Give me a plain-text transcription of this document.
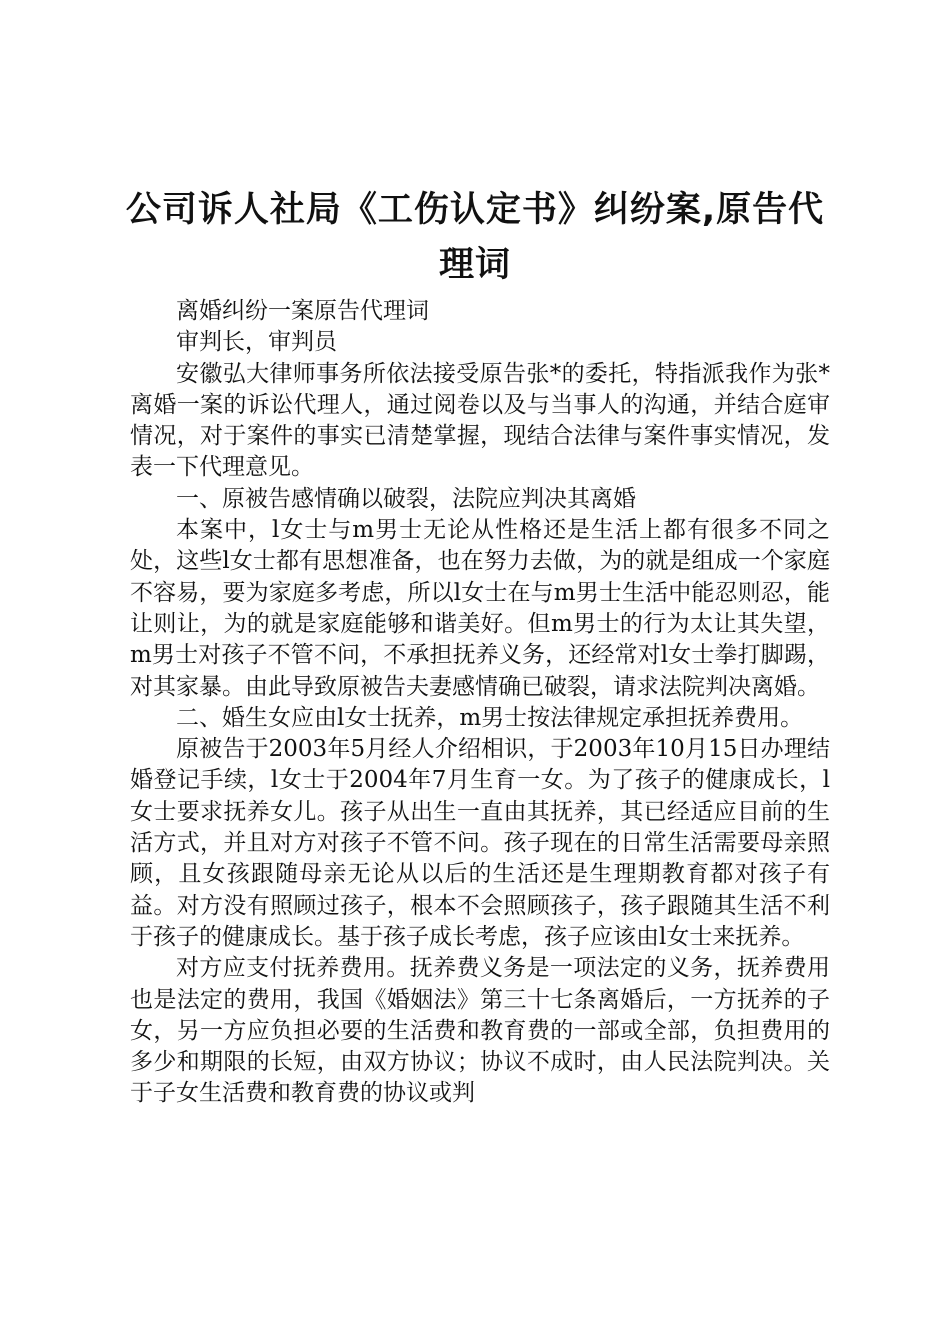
公司诉人社局《工伤认定书》纠纷案,原告代理词

离婚纠纷一案原告代理词

审判长，审判员

安徽弘大律师事务所依法接受原告张*的委托，特指派我作为张*离婚一案的诉讼代理人，通过阅卷以及与当事人的沟通，并结合庭审情况，对于案件的事实已清楚掌握，现结合法律与案件事实情况，发表一下代理意见。

一、原被告感情确以破裂，法院应判决其离婚

本案中，l女士与m男士无论从性格还是生活上都有很多不同之处，这些l女士都有思想准备，也在努力去做，为的就是组成一个家庭不容易，要为家庭多考虑，所以l女士在与m男士生活中能忍则忍，能让则让，为的就是家庭能够和谐美好。但m男士的行为太让其失望，m男士对孩子不管不问，不承担抚养义务，还经常对l女士拳打脚踢，对其家暴。由此导致原被告夫妻感情确已破裂，请求法院判决离婚。

二、婚生女应由l女士抚养，m男士按法律规定承担抚养费用。

原被告于2003年5月经人介绍相识，于2003年10月15日办理结婚登记手续，l女士于2004年7月生育一女。为了孩子的健康成长，l女士要求抚养女儿。孩子从出生一直由其抚养，其已经适应目前的生活方式，并且对方对孩子不管不问。孩子现在的日常生活需要母亲照顾，且女孩跟随母亲无论从以后的生活还是生理期教育都对孩子有益。对方没有照顾过孩子，根本不会照顾孩子，孩子跟随其生活不利于孩子的健康成长。基于孩子成长考虑，孩子应该由l女士来抚养。

对方应支付抚养费用。抚养费义务是一项法定的义务，抚养费用也是法定的费用，我国《婚姻法》第三十七条离婚后，一方抚养的子女，另一方应负担必要的生活费和教育费的一部或全部，负担费用的多少和期限的长短，由双方协议；协议不成时，由人民法院判决。关于子女生活费和教育费的协议或判
